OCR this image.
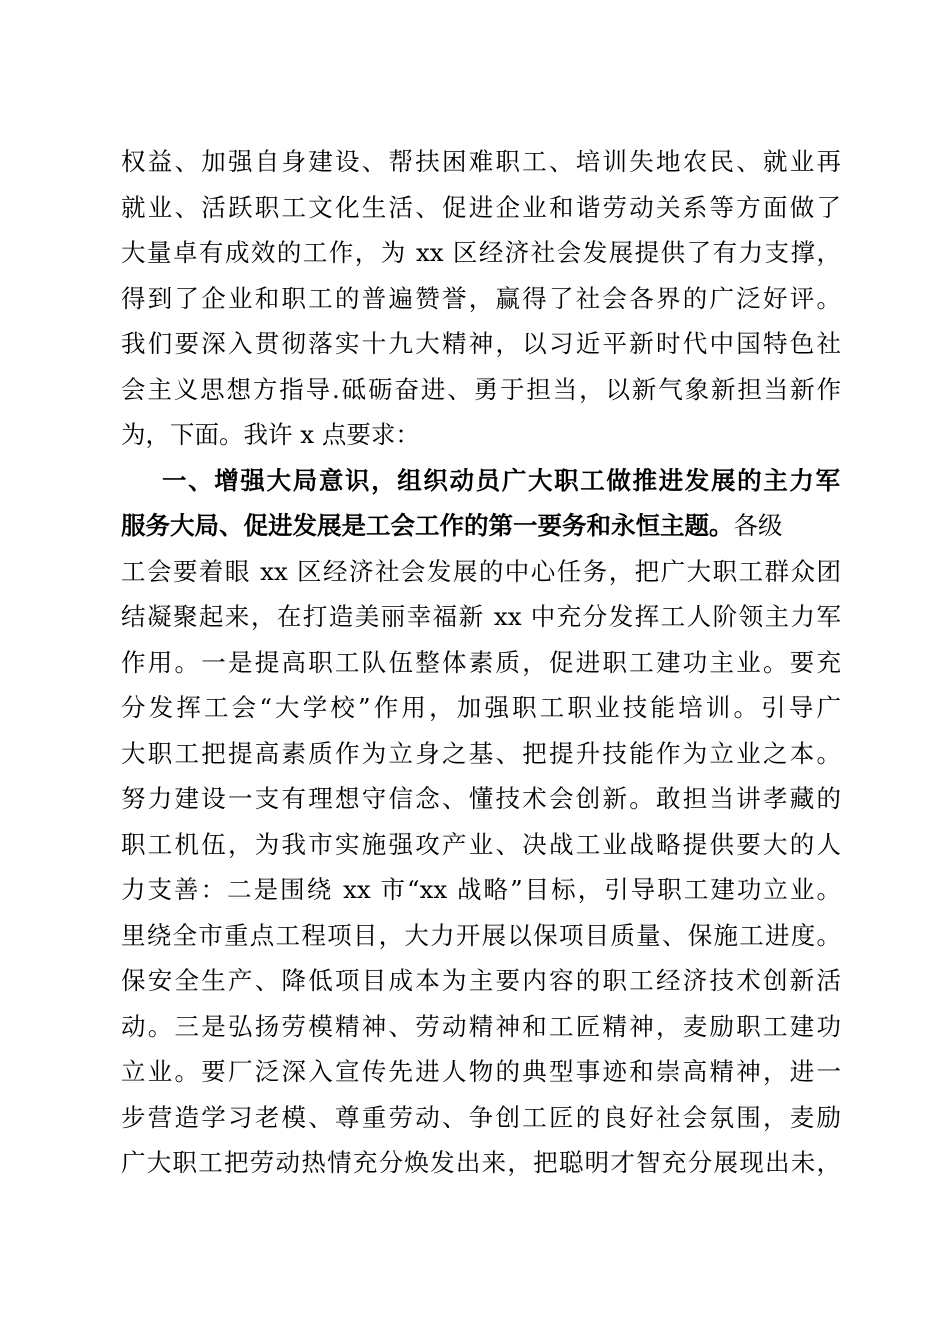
权益、加强自身建设、帮扶困难职工、培训失地农民、就业再
就业、活跃职工文化生活、促进企业和谐劳动关系等方面做了
大量卓有成效的工作，为 xx 区经济社会发展提供了有力支撑，
得到了企业和职工的普遍赞誉，赢得了社会各界的广泛好评。
我们要深入贯彻落实十九大精神，以习近平新时代中国特色社
会主义思想方指导.砥砺奋进、勇于担当，以新气象新担当新作
为，下面。我许 x 点要求：
一、增强大局意识，组织动员广大职工做推进发展的主力军
服务大局、促进发展是工会工作的第一要务和永恒主题。各级
工会要着眼 xx 区经济社会发展的中心任务，把广大职工群众团
结凝聚起来，在打造美丽幸福新 xx 中充分发挥工人阶领主力军
作用。一是提高职工队伍整体素质，促进职工建功主业。要充
分发挥工会“大学校”作用，加强职工职业技能培训。引导广
大职工把提高素质作为立身之基、把提升技能作为立业之本。
努力建设一支有理想守信念、懂技术会创新。敢担当讲孝藏的
职工机伍，为我市实施强攻产业、决战工业战略提供要大的人
力支善：二是围绕 xx 市“xx 战略”目标，引导职工建功立业。
里绕全市重点工程项目，大力开展以保项目质量、保施工进度。
保安全生产、降低项目成本为主要内容的职工经济技术创新活
动。三是弘扬劳模精神、劳动精神和工匠精神，麦励职工建功
立业。要厂泛深入宣传先进人物的典型事迹和崇高精神，进一
步营造学习老模、尊重劳动、争创工匠的良好社会氛围，麦励
广大职工把劳动热情充分焕发出来，把聪明才智充分展现出未，
